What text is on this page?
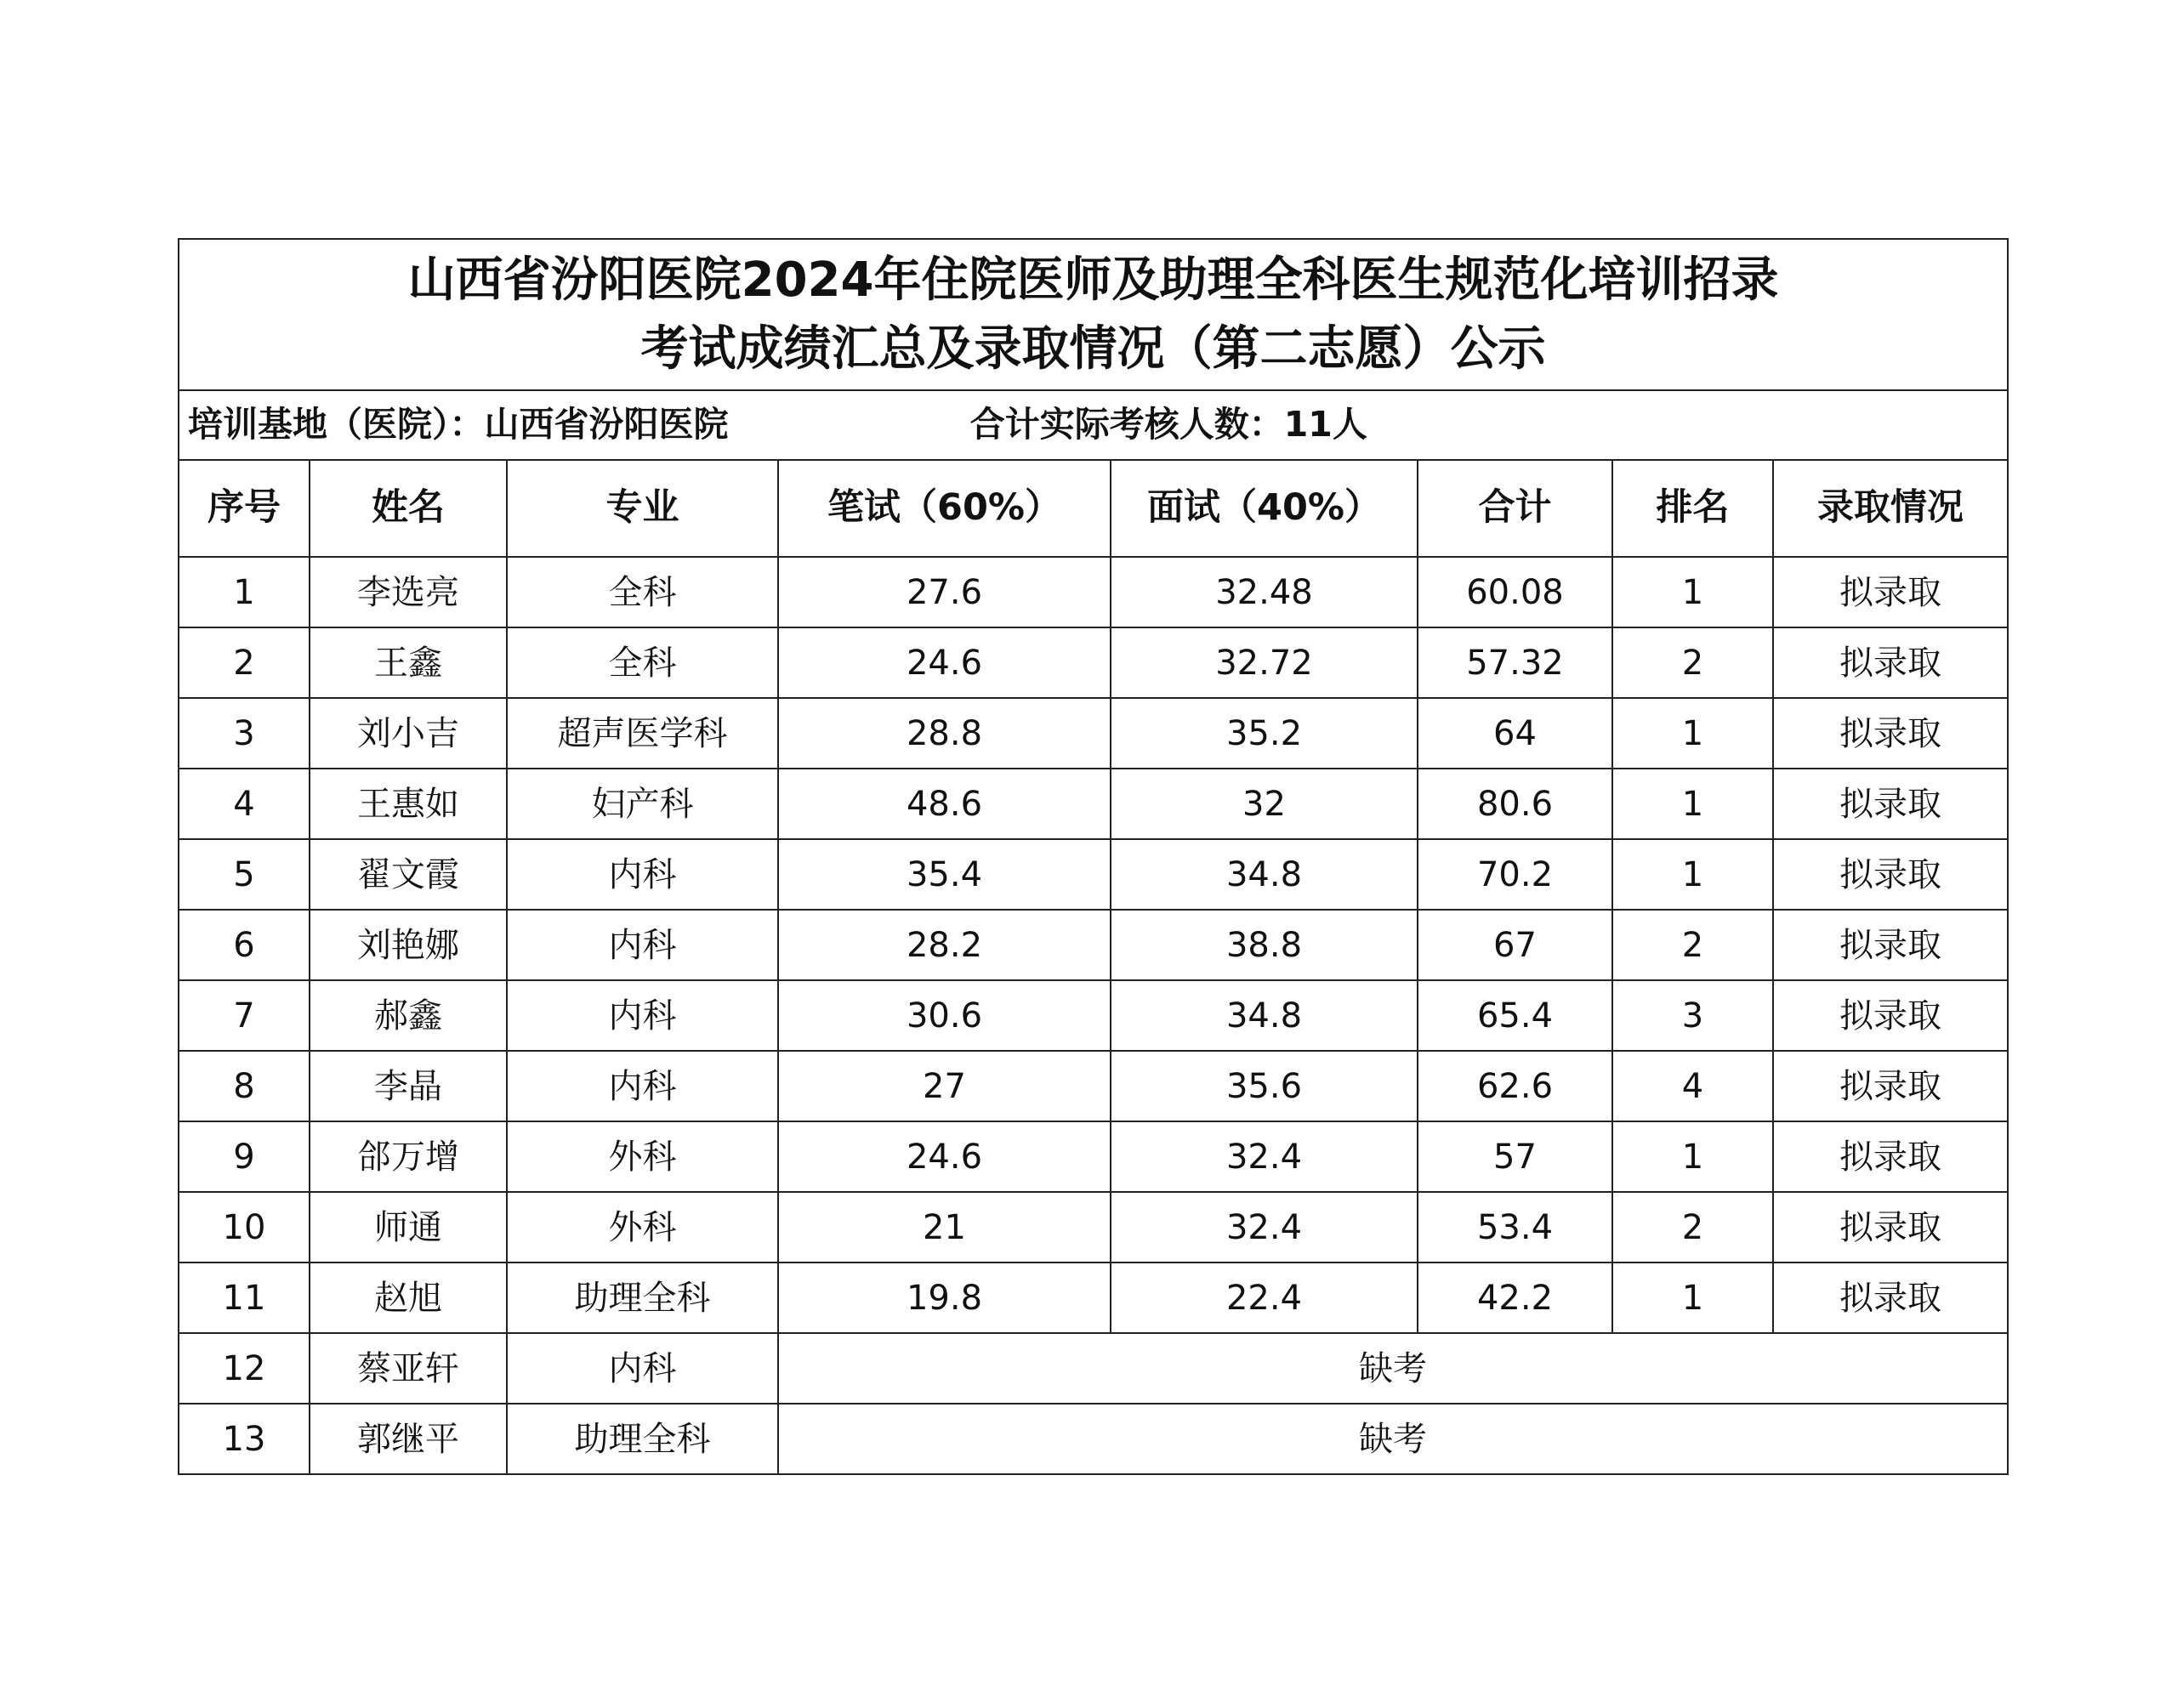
山西省汾阳医院2024年住院医师及助理全科医生规范化培训招录
考试成绩汇总及录取情况（第二志愿）公示							

培训基地（医院）：山西省汾阳医院 合计实际考核人数：11人							
序号	姓名	专业	笔试（60%）	面试（40%）	合计	排名	录取情况
1	李选亮	全科	27.6	32.48	60.08	1	拟录取
2	王鑫	全科	24.6	32.72	57.32	2	拟录取
3	刘小吉	超声医学科	28.8	35.2	64	1	拟录取
4	王惠如	妇产科	48.6	32	80.6	1	拟录取
5	翟文霞	内科	35.4	34.8	70.2	1	拟录取
6	刘艳娜	内科	28.2	38.8	67	2	拟录取
7	郝鑫	内科	30.6	34.8	65.4	3	拟录取
8	李晶	内科	27	35.6	62.6	4	拟录取
9	郃万增	外科	24.6	32.4	57	1	拟录取
10	师通	外科	21	32.4	53.4	2	拟录取
11	赵旭	助理全科	19.8	22.4	42.2	1	拟录取
12	蔡亚轩	内科	缺考				
13	郭继平	助理全科	缺考				
